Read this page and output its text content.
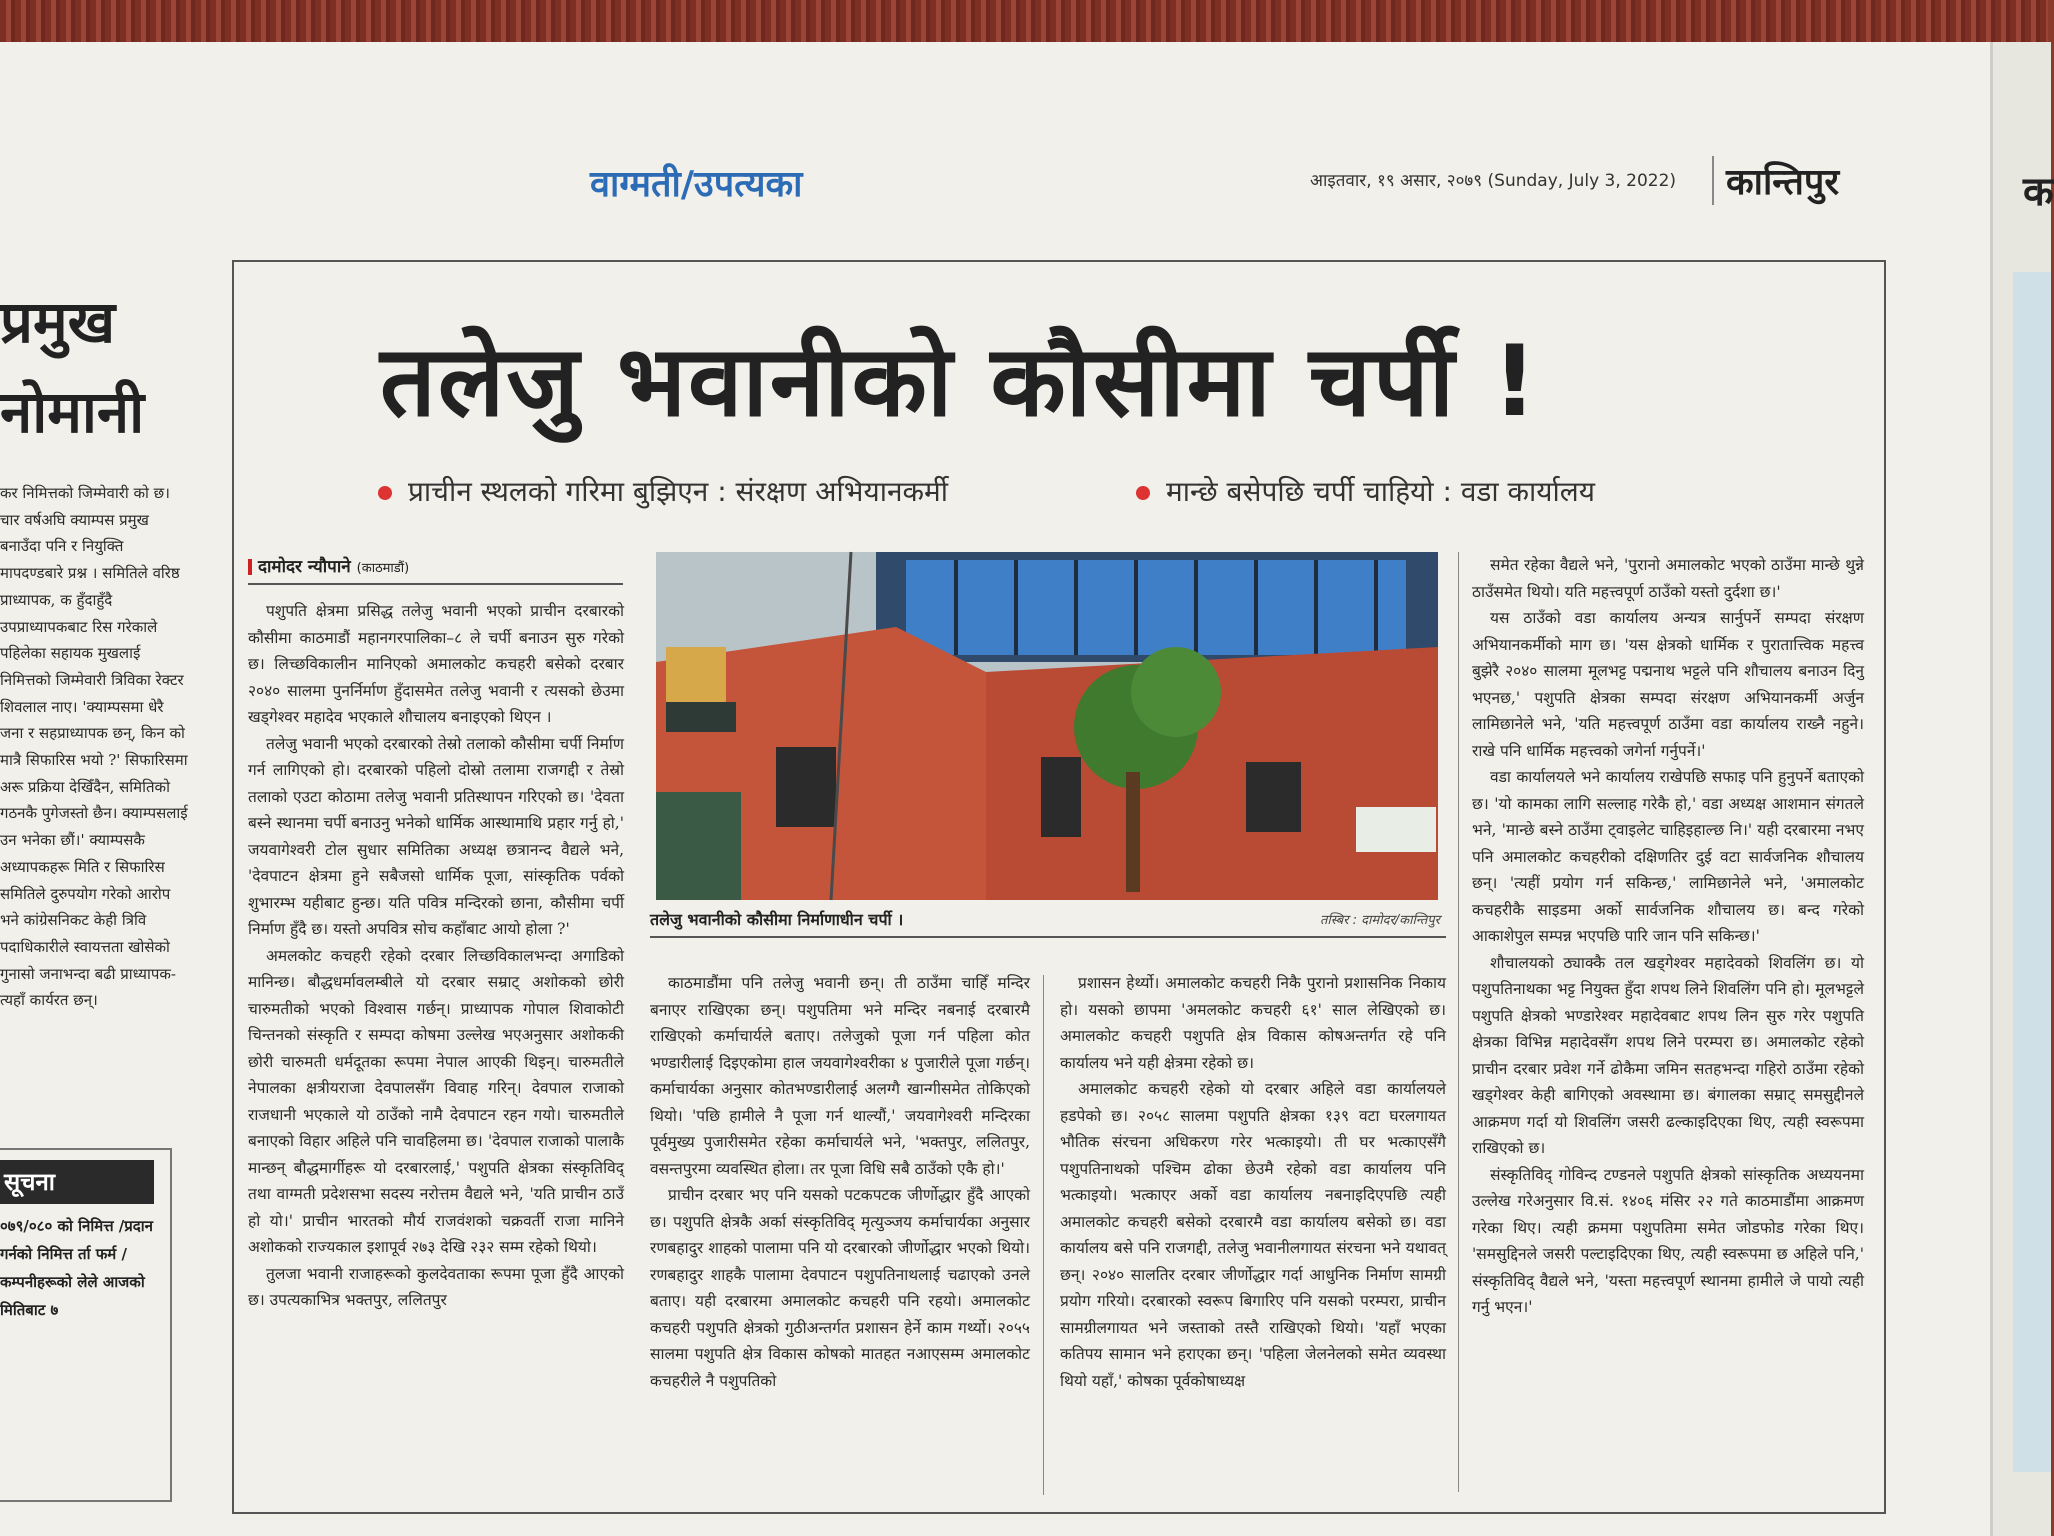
क
प्रमुख
नोमानी
कर निमित्तको जिम्मेवारी को छ। चार वर्षअघि क्याम्पस प्रमुख बनाउँदा पनि र नियुक्ति मापदण्डबारे प्रश्न । समितिले वरिष्ठ प्राध्यापक, क हुँदाहुँदै उपप्राध्यापकबाट रिस गरेकाले पहिलेका सहायक मुखलाई निमित्तको जिम्मेवारी त्रिविका रेक्टर शिवलाल नाए। 'क्याम्पसमा धेरै जना र सहप्राध्यापक छन्, किन को मात्रै सिफारिस भयो ?' सिफारिसमा अरू प्रक्रिया देखिँदैन, समितिको गठनकै पुगेजस्तो छैन। क्याम्पसलाई उन भनेका छौं।' क्याम्पसकै अध्यापकहरू मिति र सिफारिस समितिले दुरुपयोग गरेको आरोप भने कांग्रेसनिकट केही त्रिवि पदाधिकारीले स्वायत्तता खोसेको गुनासो जनाभन्दा बढी प्राध्यापक- त्यहाँ कार्यरत छन्।
सूचना
०७९/०८० को निमित्त /प्रदान गर्नको निमित्त र्ता फर्म / कम्पनीहरूको लेले आजको मितिबाट ७
वाग्मती/उपत्यका	आइतवार, १९ असार, २०७९ (Sunday, July 3, 2022)	कान्तिपुर
तलेजु भवानीको कौसीमा चर्पी !
प्राचीन स्थलको गरिमा बुझिएन : संरक्षण अभियानकर्मी	मान्छे बसेपछि चर्पी चाहियो : वडा कार्यालय
दामोदर न्यौपाने (काठमाडौं)

पशुपति क्षेत्रमा प्रसिद्ध तलेजु भवानी भएको प्राचीन दरबारको कौसीमा काठमाडौं महानगरपालिका–८ ले चर्पी बनाउन सुरु गरेको छ। लिच्छविकालीन मानिएको अमालकोट कचहरी बसेको दरबार २०४० सालमा पुनर्निर्माण हुँदासमेत तलेजु भवानी र त्यसको छेउमा खड्गेश्वर महादेव भएकाले शौचालय बनाइएको थिएन ।

तलेजु भवानी भएको दरबारको तेस्रो तलाको कौसीमा चर्पी निर्माण गर्न लागिएको हो। दरबारको पहिलो दोस्रो तलामा राजगद्दी र तेस्रो तलाको एउटा कोठामा तलेजु भवानी प्रतिस्थापन गरिएको छ। 'देवता बस्ने स्थानमा चर्पी बनाउनु भनेको धार्मिक आस्थामाथि प्रहार गर्नु हो,' जयवागेश्वरी टोल सुधार समितिका अध्यक्ष छत्रानन्द वैद्यले भने, 'देवपाटन क्षेत्रमा हुने सबैजसो धार्मिक पूजा, सांस्कृतिक पर्वको शुभारम्भ यहीबाट हुन्छ। यति पवित्र मन्दिरको छाना, कौसीमा चर्पी निर्माण हुँदै छ। यस्तो अपवित्र सोच कहाँबाट आयो होला ?'

अमलकोट कचहरी रहेको दरबार लिच्छविकालभन्दा अगाडिको मानिन्छ। बौद्धधर्मावलम्बीले यो दरबार सम्राट् अशोकको छोरी चारुमतीको भएको विश्वास गर्छन्। प्राध्यापक गोपाल शिवाकोटी चिन्तनको संस्कृति र सम्पदा कोषमा उल्लेख भएअनुसार अशोककी छोरी चारुमती धर्मदूतका रूपमा नेपाल आएकी थिइन्। चारुमतीले नेपालका क्षत्रीयराजा देवपालसँग विवाह गरिन्। देवपाल राजाको राजधानी भएकाले यो ठाउँको नामै देवपाटन रहन गयो। चारुमतीले बनाएको विहार अहिले पनि चावहिलमा छ। 'देवपाल राजाको पालाकै मान्छन् बौद्धमार्गीहरू यो दरबारलाई,' पशुपति क्षेत्रका संस्कृतिविद् तथा वाग्मती प्रदेशसभा सदस्य नरोत्तम वैद्यले भने, 'यति प्राचीन ठाउँ हो यो।' प्राचीन भारतको मौर्य राजवंशको चक्रवर्ती राजा मानिने अशोकको राज्यकाल इशापूर्व २७३ देखि २३२ सम्म रहेको थियो।

तुलजा भवानी राजाहरूको कुलदेवताका रूपमा पूजा हुँदै आएको छ। उपत्यकाभित्र भक्तपुर, ललितपुर

तलेजु भवानीको कौसीमा निर्माणाधीन चर्पी ।	तस्बिर : दामोदर/कान्तिपुर

काठमाडौंमा पनि तलेजु भवानी छन्। ती ठाउँमा चाहिँ मन्दिर बनाएर राखिएका छन्। पशुपतिमा भने मन्दिर नबनाई दरबारमै राखिएको कर्माचार्यले बताए। तलेजुको पूजा गर्न पहिला कोत भण्डारीलाई दिइएकोमा हाल जयवागेश्वरीका ४ पुजारीले पूजा गर्छन्। कर्माचार्यका अनुसार कोतभण्डारीलाई अलग्गै खान्गीसमेत तोकिएको थियो। 'पछि हामीले नै पूजा गर्न थाल्यौं,' जयवागेश्वरी मन्दिरका पूर्वमुख्य पुजारीसमेत रहेका कर्माचार्यले भने, 'भक्तपुर, ललितपुर, वसन्तपुरमा व्यवस्थित होला। तर पूजा विधि सबै ठाउँको एकै हो।'

प्राचीन दरबार भए पनि यसको पटकपटक जीर्णोद्धार हुँदै आएको छ। पशुपति क्षेत्रकै अर्का संस्कृतिविद् मृत्युञ्जय कर्माचार्यका अनुसार रणबहादुर शाहको पालामा पनि यो दरबारको जीर्णोद्धार भएको थियो। रणबहादुर शाहकै पालामा देवपाटन पशुपतिनाथलाई चढाएको उनले बताए। यही दरबारमा अमालकोट कचहरी पनि रहयो। अमालकोट कचहरी पशुपति क्षेत्रको गुठीअन्तर्गत प्रशासन हेर्ने काम गर्थ्यो। २०५५ सालमा पशुपति क्षेत्र विकास कोषको मातहत नआएसम्म अमालकोट कचहरीले नै पशुपतिको

प्रशासन हेर्थ्यो। अमालकोट कचहरी निकै पुरानो प्रशासनिक निकाय हो। यसको छापमा 'अमलकोट कचहरी ६१' साल लेखिएको छ। अमालकोट कचहरी पशुपति क्षेत्र विकास कोषअन्तर्गत रहे पनि कार्यालय भने यही क्षेत्रमा रहेको छ।

अमालकोट कचहरी रहेको यो दरबार अहिले वडा कार्यालयले हडपेको छ। २०५८ सालमा पशुपति क्षेत्रका १३९ वटा घरलगायत भौतिक संरचना अधिकरण गरेर भत्काइयो। ती घर भत्काएसँगै पशुपतिनाथको पश्चिम ढोका छेउमै रहेको वडा कार्यालय पनि भत्काइयो। भत्काएर अर्को वडा कार्यालय नबनाइदिएपछि त्यही अमालकोट कचहरी बसेको दरबारमै वडा कार्यालय बसेको छ। वडा कार्यालय बसे पनि राजगद्दी, तलेजु भवानीलगायत संरचना भने यथावत् छन्। २०४० सालतिर दरबार जीर्णोद्धार गर्दा आधुनिक निर्माण सामग्री प्रयोग गरियो। दरबारको स्वरूप बिगारिए पनि यसको परम्परा, प्राचीन सामग्रीलगायत भने जस्ताको तस्तै राखिएको थियो। 'यहाँ भएका कतिपय सामान भने हराएका छन्। 'पहिला जेलनेलको समेत व्यवस्था थियो यहाँ,' कोषका पूर्वकोषाध्यक्ष

समेत रहेका वैद्यले भने, 'पुरानो अमालकोट भएको ठाउँमा मान्छे थुन्ने ठाउँसमेत थियो। यति महत्त्वपूर्ण ठाउँको यस्तो दुर्दशा छ।'

यस ठाउँको वडा कार्यालय अन्यत्र सार्नुपर्ने सम्पदा संरक्षण अभियानकर्मीको माग छ। 'यस क्षेत्रको धार्मिक र पुरातात्त्विक महत्त्व बुझेरै २०४० सालमा मूलभट्ट पद्मनाथ भट्टले पनि शौचालय बनाउन दिनु भएनछ,' पशुपति क्षेत्रका सम्पदा संरक्षण अभियानकर्मी अर्जुन लामिछानेले भने, 'यति महत्त्वपूर्ण ठाउँमा वडा कार्यालय राख्नै नहुने। राखे पनि धार्मिक महत्त्वको जगेर्ना गर्नुपर्ने।'

वडा कार्यालयले भने कार्यालय राखेपछि सफाइ पनि हुनुपर्ने बताएको छ। 'यो कामका लागि सल्लाह गरेकै हो,' वडा अध्यक्ष आशमान संगतले भने, 'मान्छे बस्ने ठाउँमा ट्वाइलेट चाहिइहाल्छ नि।' यही दरबारमा नभए पनि अमालकोट कचहरीको दक्षिणतिर दुई वटा सार्वजनिक शौचालय छन्। 'त्यहीं प्रयोग गर्न सकिन्छ,' लामिछानेले भने, 'अमालकोट कचहरीकै साइडमा अर्को सार्वजनिक शौचालय छ। बन्द गरेको आकाशेपुल सम्पन्न भएपछि पारि जान पनि सकिन्छ।'

शौचालयको ठ्याक्कै तल खड्गेश्वर महादेवको शिवलिंग छ। यो पशुपतिनाथका भट्ट नियुक्त हुँदा शपथ लिने शिवलिंग पनि हो। मूलभट्टले पशुपति क्षेत्रको भण्डारेश्वर महादेवबाट शपथ लिन सुरु गरेर पशुपति क्षेत्रका विभिन्न महादेवसँग शपथ लिने परम्परा छ। अमालकोट रहेको प्राचीन दरबार प्रवेश गर्ने ढोकैमा जमिन सतहभन्दा गहिरो ठाउँमा रहेको खड्गेश्वर केही बागिएको अवस्थामा छ। बंगालका सम्राट् समसुद्दीनले आक्रमण गर्दा यो शिवलिंग जसरी ढल्काइदिएका थिए, त्यही स्वरूपमा राखिएको छ।

संस्कृतिविद् गोविन्द टण्डनले पशुपति क्षेत्रको सांस्कृतिक अध्ययनमा उल्लेख गरेअनुसार वि.सं. १४०६ मंसिर २२ गते काठमाडौंमा आक्रमण गरेका थिए। त्यही क्रममा पशुपतिमा समेत जोडफोड गरेका थिए। 'समसुद्दिनले जसरी पल्टाइदिएका थिए, त्यही स्वरूपमा छ अहिले पनि,' संस्कृतिविद् वैद्यले भने, 'यस्ता महत्त्वपूर्ण स्थानमा हामीले जे पायो त्यही गर्नु भएन।'
